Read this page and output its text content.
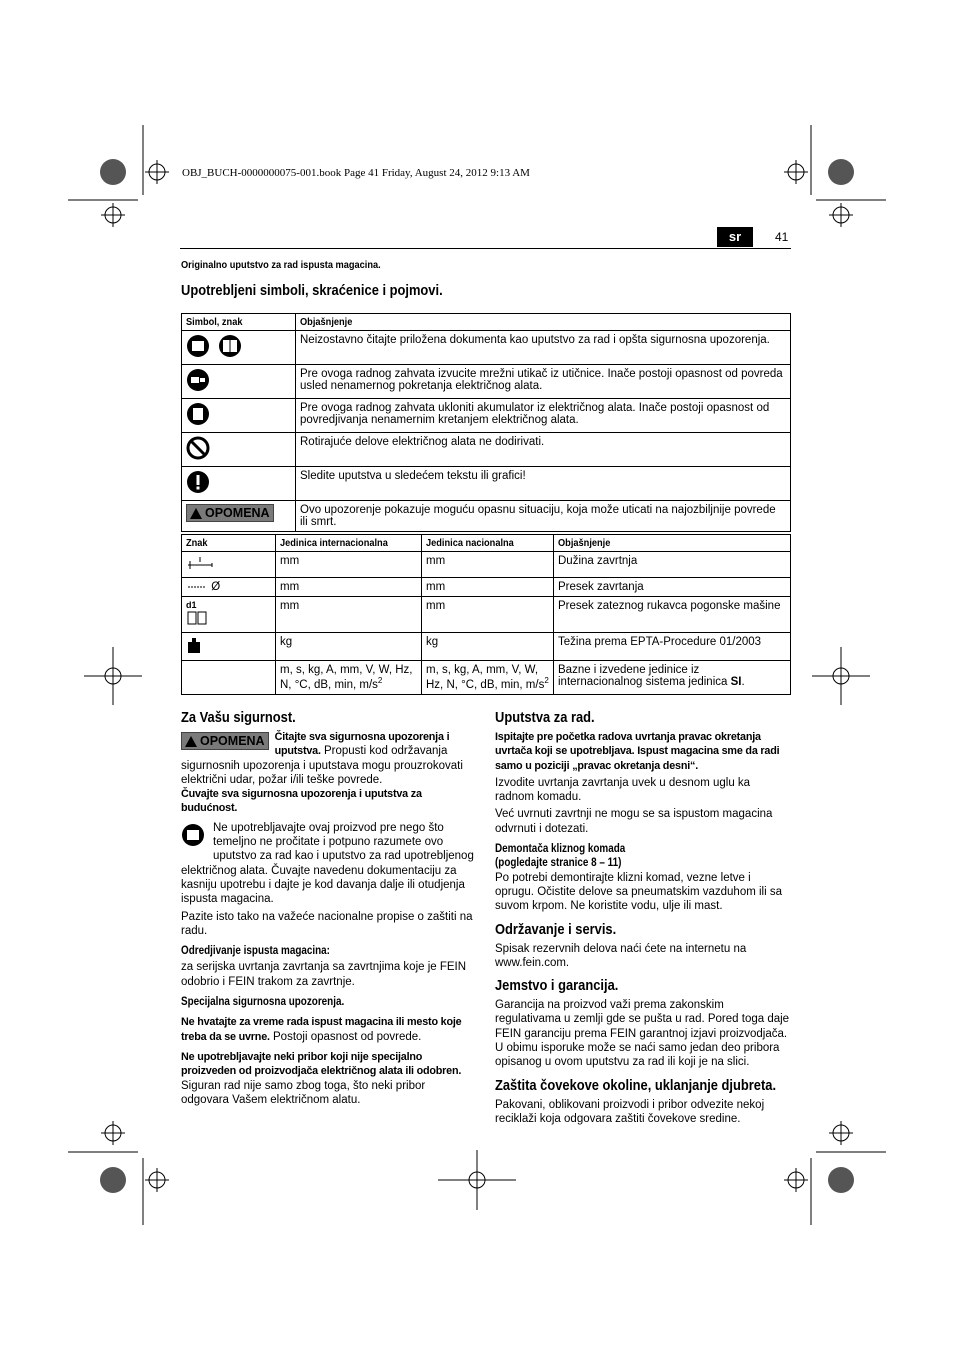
OBJ_BUCH-0000000075-001.book Page 41 Friday, August 24, 2012 9:13 AM
sr	41
Originalno uputstvo za rad ispusta magacina.
Upotrebljeni simboli, skraćenice i pojmovi.
Simbol, znak	Objašnjenje
	Neizostavno čitajte priložena dokumenta kao uputstvo za rad i opšta sigurnosna upozorenja.
	Pre ovoga radnog zahvata izvucite mrežni utikač iz utičnice. Inače postoji opasnost od povreda usled nenamernog pokretanja električnog alata.
	Pre ovoga radnog zahvata ukloniti akumulator iz električnog alata. Inače postoji opasnost od povredjivanja nenamernim kretanjem električnog alata.
	Rotirajuće delove električnog alata ne dodirivati.
	Sledite uputstva u sledećem tekstu ili grafici!

OPOMENA	Ovo upozorenje pokazuje moguću opasnu situaciju, koja može uticati na najozbiljnije povrede ili smrt.
Znak	Jedinica internacionalna	Jedinica nacionalna	Objašnjenje
	mm	mm	Dužina zavrtnja
Ø	mm	mm	Presek zavrtanja

d1	mm	mm	Presek zateznog rukavca pogonske mašine
	kg	kg	Težina prema EPTA-Procedure 01/2003
	m, s, kg, A, mm, V, W, Hz, N, °C, dB, min, $m/s^2$	m, s, kg, A, mm, V, W, Hz, N, °C, dB, min, $m/s^2$	Bazne i izvedene jedinice iz internacionalnog sistema jedinica SI.
Za Vašu sigurnost.
OPOMENA Čitajte sva sigurnosna upozorenja i uputstva. Propusti kod održavanja sigurnosnih upozorenja i uputstava mogu prouzrokovati električni udar, požar i/ili teške povrede.

Čuvajte sva sigurnosna upozorenja i uputstva za budućnost.

Ne upotrebljavajte ovaj proizvod pre nego što temeljno ne pročitate i potpuno razumete ovo uputstvo za rad kao i uputstvo za rad upotrebljenog električnog alata. Čuvajte navedenu dokumentaciju za kasniju upotrebu i dajte je kod davanja dalje ili otudjenja ispusta magacina.

Pazite isto tako na važeće nacionalne propise o zaštiti na radu.

Odredjivanje ispusta magacina:

za serijska uvrtanja zavrtanja sa zavrtnjima koje je FEIN odobrio i FEIN trakom za zavrtnje.

Specijalna sigurnosna upozorenja.

Ne hvatajte za vreme rada ispust magacina ili mesto koje treba da se uvrne. Postoji opasnost od povrede.

Ne upotrebljavajte neki pribor koji nije specijalno proizveden od proizvodjača električnog alata ili odobren. Siguran rad nije samo zbog toga, što neki pribor odgovara Vašem električnom alatu.

Uputstva za rad.

Ispitajte pre početka radova uvrtanja pravac okretanja uvrtača koji se upotrebljava. Ispust magacina sme da radi samo u poziciji „pravac okretanja desni“.

Izvodite uvrtanja zavrtanja uvek u desnom uglu ka radnom komadu.

Već uvrnuti zavrtnji ne mogu se sa ispustom magacina odvrnuti i dotezati.

Demontača kliznog komada
(pogledajte stranice 8 – 11)

Po potrebi demontirajte klizni komad, vezne letve i oprugu. Očistite delove sa pneumatskim vazduhom ili sa suvom krpom. Ne koristite vodu, ulje ili mast.

Održavanje i servis.

Spisak rezervnih delova naći ćete na internetu na www.fein.com.

Jemstvo i garancija.

Garancija na proizvod važi prema zakonskim regulativama u zemlji gde se pušta u rad. Pored toga daje FEIN garanciju prema FEIN garantnoj izjavi proizvodjača. U obimu isporuke može se naći samo jedan deo pribora opisanog u ovom uputstvu za rad ili koji je na slici.

Zaštita čovekove okoline, uklanjanje djubreta.

Pakovani, oblikovani proizvodi i pribor odvezite nekoj reciklaži koja odgovara zaštiti čovekove sredine.
